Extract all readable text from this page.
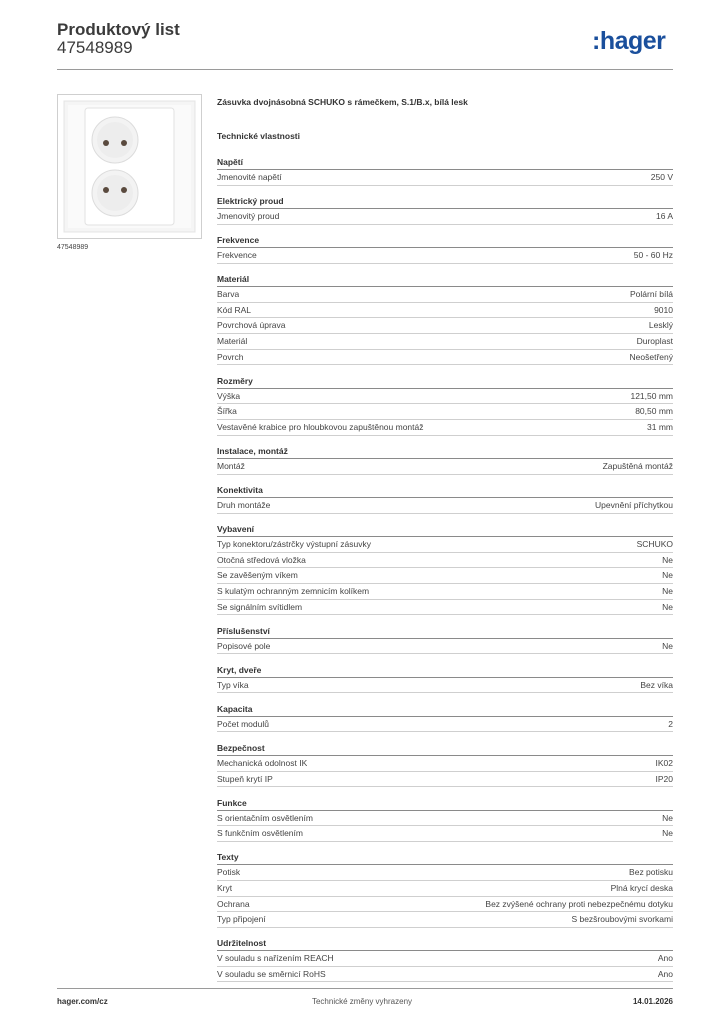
Produktový list
47548989	:hager
47548989
Zásuvka dvojnásobná SCHUKO s rámečkem, S.1/B.x, bílá lesk
Technické vlastnosti
Napětí
Jmenovité napětí	250 V
Elektrický proud
Jmenovitý proud	16 A
Frekvence
Frekvence	50 - 60 Hz
Materiál
Barva	Polární bílá
Kód RAL	9010
Povrchová úprava	Lesklý
Materiál	Duroplast
Povrch	Neošetřený
Rozměry
Výška	121,50 mm
Šířka	80,50 mm
Vestavěné krabice pro hloubkovou zapuštěnou montáž	31 mm
Instalace, montáž
Montáž	Zapuštěná montáž
Konektivita
Druh montáže	Upevnění příchytkou
Vybavení
Typ konektoru/zástrčky výstupní zásuvky	SCHUKO
Otočná středová vložka	Ne
Se zavěšeným víkem	Ne
S kulatým ochranným zemnicím kolíkem	Ne
Se signálním svítidlem	Ne
Příslušenství
Popisové pole	Ne
Kryt, dveře
Typ víka	Bez víka
Kapacita
Počet modulů	2
Bezpečnost
Mechanická odolnost IK	IK02
Stupeň krytí IP	IP20
Funkce
S orientačním osvětlením	Ne
S funkčním osvětlením	Ne
Texty
Potisk	Bez potisku
Kryt	Plná krycí deska
Ochrana	Bez zvýšené ochrany proti nebezpečnému dotyku
Typ připojení	S bezšroubovými svorkami
Udržitelnost
V souladu s nařízením REACH	Ano
V souladu se směrnicí RoHS	Ano
hager.com/cz	Technické změny vyhrazeny	14.01.2026
